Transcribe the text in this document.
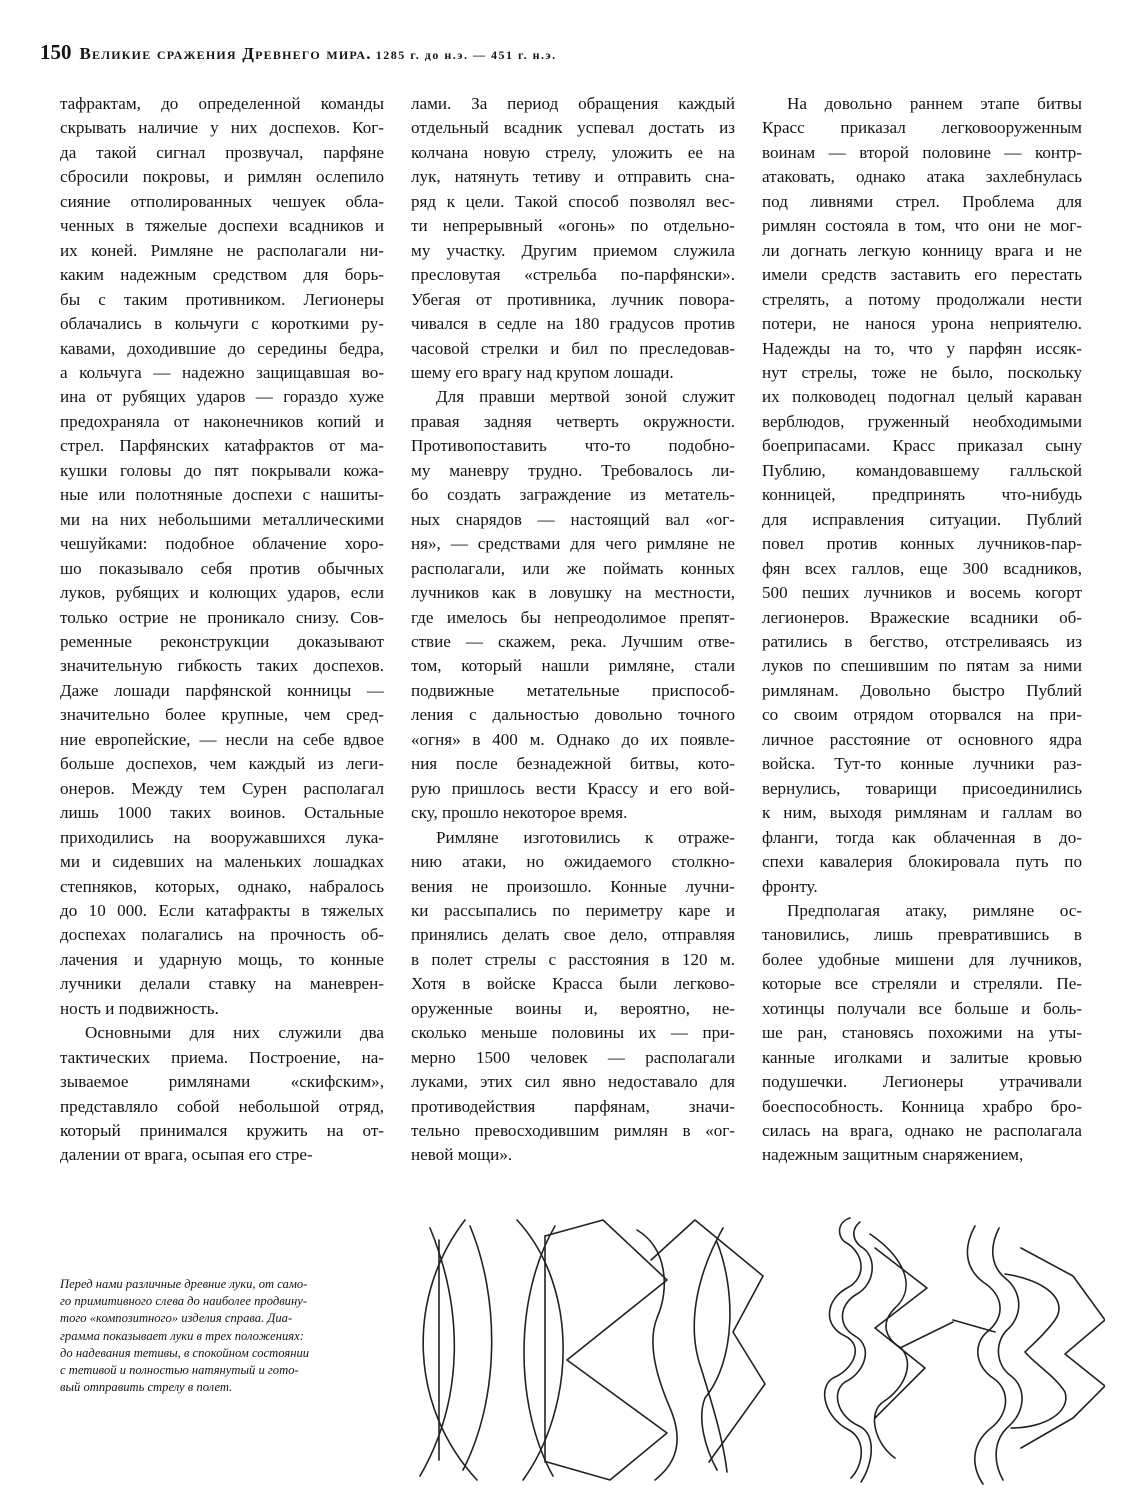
150 Великие сражения Древнего мира. 1285 г. до н.э. — 451 г. н.э.

тафрактам, до определенной команды
скрывать наличие у них доспехов. Ког-
да такой сигнал прозвучал, парфяне
сбросили покровы, и римлян ослепило
сияние отполированных чешуек обла-
ченных в тяжелые доспехи всадников и
их коней. Римляне не располагали ни-
каким надежным средством для борь-
бы с таким противником. Легионеры
облачались в кольчуги с короткими ру-
кавами, доходившие до середины бедра,
а кольчуга — надежно защищавшая во-
ина от рубящих ударов — гораздо хуже
предохраняла от наконечников копий и
стрел. Парфянских катафрактов от ма-
кушки головы до пят покрывали кожа-
ные или полотняные доспехи с нашиты-
ми на них небольшими металлическими
чешуйками: подобное облачение хоро-
шо показывало себя против обычных
луков, рубящих и колющих ударов, если
только острие не проникало снизу. Сов-
ременные реконструкции доказывают
значительную гибкость таких доспехов.
Даже лошади парфянской конницы —
значительно более крупные, чем сред-
ние европейские, — несли на себе вдвое
больше доспехов, чем каждый из леги-
онеров. Между тем Сурен располагал
лишь 1000 таких воинов. Остальные
приходились на вооружавшихся лука-
ми и сидевших на маленьких лошадках
степняков, которых, однако, набралось
до 10 000. Если катафракты в тяжелых
доспехах полагались на прочность об-
лачения и ударную мощь, то конные
лучники делали ставку на маневрен-
ность и подвижность.

Основными для них служили два
тактических приема. Построение, на-
зываемое римлянами «скифским»,
представляло собой небольшой отряд,
который принимался кружить на от-
далении от врага, осыпая его стре-

лами. За период обращения каждый
отдельный всадник успевал достать из
колчана новую стрелу, уложить ее на
лук, натянуть тетиву и отправить сна-
ряд к цели. Такой способ позволял вес-
ти непрерывный «огонь» по отдельно-
му участку. Другим приемом служила
пресловутая «стрельба по-парфянски».
Убегая от противника, лучник повора-
чивался в седле на 180 градусов против
часовой стрелки и бил по преследовав-
шему его врагу над крупом лошади.

Для правши мертвой зоной служит
правая задняя четверть окружности.
Противопоставить что-то подобно-
му маневру трудно. Требовалось ли-
бо создать заграждение из метатель-
ных снарядов — настоящий вал «ог-
ня», — средствами для чего римляне не
располагали, или же поймать конных
лучников как в ловушку на местности,
где имелось бы непреодолимое препят-
ствие — скажем, река. Лучшим отве-
том, который нашли римляне, стали
подвижные метательные приспособ-
ления с дальностью довольно точного
«огня» в 400 м. Однако до их появле-
ния после безнадежной битвы, кото-
рую пришлось вести Крассу и его вой-
ску, прошло некоторое время.

Римляне изготовились к отраже-
нию атаки, но ожидаемого столкно-
вения не произошло. Конные лучни-
ки рассыпались по периметру каре и
принялись делать свое дело, отправляя
в полет стрелы с расстояния в 120 м.
Хотя в войске Красса были легково-
оруженные воины и, вероятно, не-
сколько меньше половины их — при-
мерно 1500 человек — располагали
луками, этих сил явно недоставало для
противодействия парфянам, значи-
тельно превосходившим римлян в «ог-
невой мощи».

На довольно раннем этапе битвы
Красс приказал легковооруженным
воинам — второй половине — контр-
атаковать, однако атака захлебнулась
под ливнями стрел. Проблема для
римлян состояла в том, что они не мог-
ли догнать легкую конницу врага и не
имели средств заставить его перестать
стрелять, а потому продолжали нести
потери, не нанося урона неприятелю.
Надежды на то, что у парфян иссяк-
нут стрелы, тоже не было, поскольку
их полководец подогнал целый караван
верблюдов, груженный необходимыми
боеприпасами. Красс приказал сыну
Публию, командовавшему галльской
конницей, предпринять что-нибудь
для исправления ситуации. Публий
повел против конных лучников-пар-
фян всех галлов, еще 300 всадников,
500 пеших лучников и восемь когорт
легионеров. Вражеские всадники об-
ратились в бегство, отстреливаясь из
луков по спешившим по пятам за ними
римлянам. Довольно быстро Публий
со своим отрядом оторвался на при-
личное расстояние от основного ядра
войска. Тут-то конные лучники раз-
вернулись, товарищи присоединились
к ним, выходя римлянам и галлам во
фланги, тогда как облаченная в до-
спехи кавалерия блокировала путь по
фронту.

Предполагая атаку, римляне ос-
тановились, лишь превратившись в
более удобные мишени для лучников,
которые все стреляли и стреляли. Пе-
хотинцы получали все больше и боль-
ше ран, становясь похожими на уты-
канные иголками и залитые кровью
подушечки. Легионеры утрачивали
боеспособность. Конница храбро бро-
силась на врага, однако не располагала
надежным защитным снаряжением,

Перед нами различные древние луки, от само-
го примитивного слева до наиболее продвину-
того «композитного» изделия справа. Диа-
грамма показывает луки в трех положениях:
до надевания тетивы, в спокойном состоянии
с тетивой и полностью натянутый и гото-
вый отправить стрелу в полет.
